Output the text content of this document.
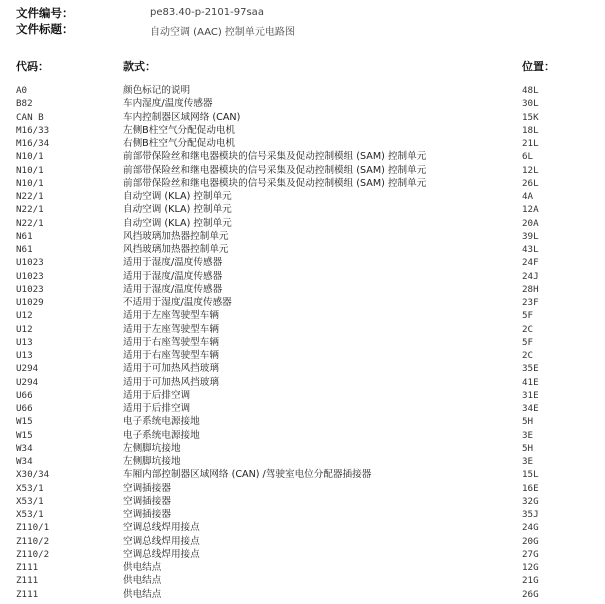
文件编号：	pe83.40-p-2101-97saa
文件标题：	自动空调 (AAC) 控制单元电路图
代码：	款式：	位置：
A0	颜色标记的说明	48L
B82	车内湿度/温度传感器	30L
CAN B	车内控制器区域网络 (CAN)	15K
M16/33	左侧B柱空气分配促动电机	18L
M16/34	右侧B柱空气分配促动电机	21L
N10/1	前部带保险丝和继电器模块的信号采集及促动控制模组 (SAM) 控制单元	6L
N10/1	前部带保险丝和继电器模块的信号采集及促动控制模组 (SAM) 控制单元	12L
N10/1	前部带保险丝和继电器模块的信号采集及促动控制模组 (SAM) 控制单元	26L
N22/1	自动空调 (KLA) 控制单元	4A
N22/1	自动空调 (KLA) 控制单元	12A
N22/1	自动空调 (KLA) 控制单元	20A
N61	风挡玻璃加热器控制单元	39L
N61	风挡玻璃加热器控制单元	43L
U1023	适用于湿度/温度传感器	24F
U1023	适用于湿度/温度传感器	24J
U1023	适用于湿度/温度传感器	28H
U1029	不适用于湿度/温度传感器	23F
U12	适用于左座驾驶型车辆	5F
U12	适用于左座驾驶型车辆	2C
U13	适用于右座驾驶型车辆	5F
U13	适用于右座驾驶型车辆	2C
U294	适用于可加热风挡玻璃	35E
U294	适用于可加热风挡玻璃	41E
U66	适用于后排空调	31E
U66	适用于后排空调	34E
W15	电子系统电源接地	5H
W15	电子系统电源接地	3E
W34	左侧脚坑接地	5H
W34	左侧脚坑接地	3E
X30/34	车厢内部控制器区域网络 (CAN) /驾驶室电位分配器插接器	15L
X53/1	空调插接器	16E
X53/1	空调插接器	32G
X53/1	空调插接器	35J
Z110/1	空调总线焊用接点	24G
Z110/2	空调总线焊用接点	20G
Z110/2	空调总线焊用接点	27G
Z111	供电结点	12G
Z111	供电结点	21G
Z111	供电结点	26G
